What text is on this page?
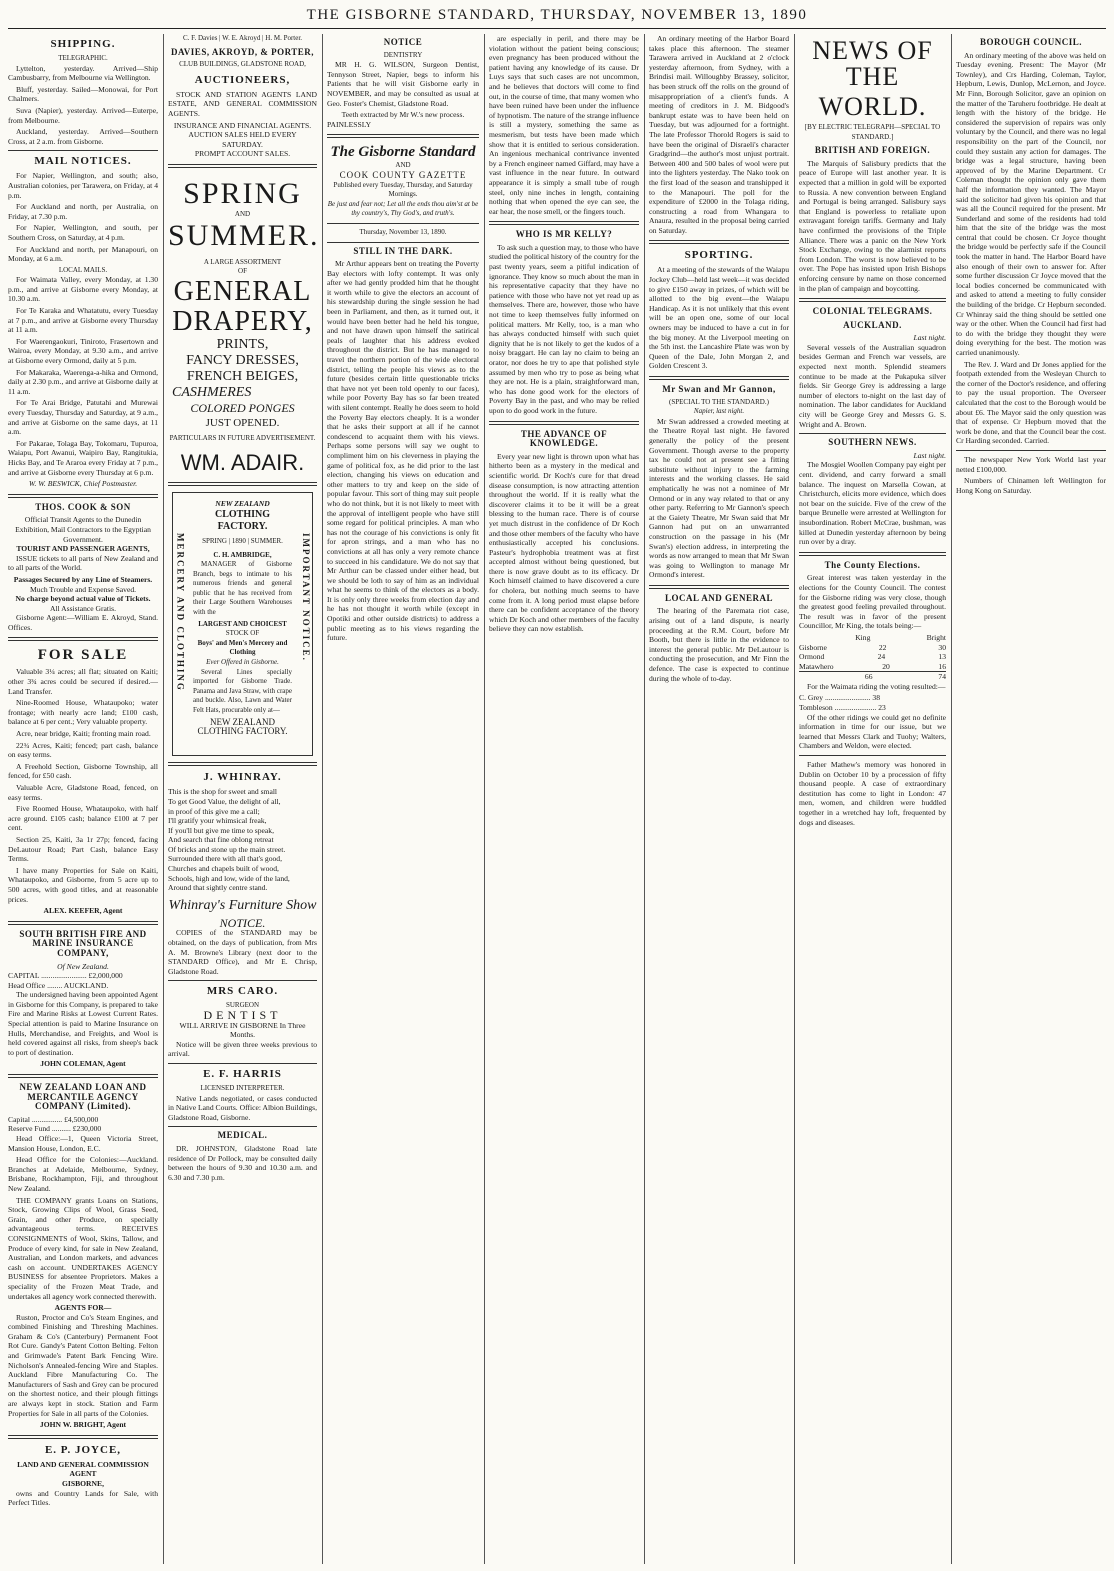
THE GISBORNE STANDARD, THURSDAY, NOVEMBER 13, 1890
SHIPPING.
TELEGRAPHIC.
Lyttelton, yesterday. Arrived—Ship Cambusbarry, from Melbourne via Wellington.
Bluff, yesterday. Sailed—Monowai, for Port Chalmers.
Suva (Napier), yesterday. Arrived—Euterpe, from Melbourne.
Auckland, yesterday. Arrived—Southern Cross, at 2 a.m. from Gisborne.
MAIL NOTICES.
For Napier, Wellington, and south; also, Australian colonies, per Tarawera, on Friday, at 4 p.m.
For Auckland and north, per Australia, on Friday, at 7.30 p.m.
For Napier, Wellington, and south, per Southern Cross, on Saturday, at 4 p.m.
For Auckland and north, per Manapouri, on Monday, at 6 a.m.
LOCAL MAILS.
For Waimata Valley, every Monday, at 1.30 p.m., and arrive at Gisborne every Monday, at 10.30 a.m.
For Te Karaka and Whatatutu, every Tuesday at 7 p.m., and arrive at Gisborne every Thursday at 11 a.m.
For Waerengaokuri, Tiniroto, Frasertown and Wairoa, every Monday, at 9.30 a.m., and arrive at Gisborne every Ormond, daily at 5 p.m.
For Makaraka, Waerenga-a-hika and Ormond, daily at 2.30 p.m., and arrive at Gisborne daily at 11 a.m.
For Te Arai Bridge, Patutahi and Murewai every Tuesday, Thursday and Saturday, at 9 a.m., and arrive at Gisborne on the same days, at 11 a.m.
For Pakarae, Tolaga Bay, Tokomaru, Tupuroa, Waiapu, Port Awanui, Waipiro Bay, Rangitukia, Hicks Bay, and Te Araroa every Friday at 7 p.m., and arrive at Gisborne every Thursday at 6 p.m.
W. W. BESWICK, Chief Postmaster.
THOS. COOK & SON
Official Transit Agents to the Dunedin Exhibition, Mail Contractors to the Egyptian Government.
TOURIST AND PASSENGER AGENTS,
ISSUE tickets to all parts of New Zealand and to all parts of the World.
Passages Secured by any Line of Steamers.
Much Trouble and Expense Saved.
No charge beyond actual value of Tickets.
All Assistance Gratis.
Gisborne Agent:—William E. Akroyd, Stand. Offices.
FOR SALE
Valuable 3¼ acres; all flat; situated on Kaiti; other 3¾ acres could be secured if desired.—Land Transfer.
Nine-Roomed House, Whataupoko; water frontage; with nearly acre land; £100 cash, balance at 6 per cent.; Very valuable property.
Acre, near bridge, Kaiti; fronting main road.
22¾ Acres, Kaiti; fenced; part cash, balance on easy terms.
A Freehold Section, Gisborne Township, all fenced, for £50 cash.
Valuable Acre, Gladstone Road, fenced, on easy terms.
Five Roomed House, Whataupoko, with half acre ground. £105 cash; balance £100 at 7 per cent.
Section 25, Kaiti, 3a 1r 27p; fenced, facing DeLautour Road; Part Cash, balance Easy Terms.
I have many Properties for Sale on Kaiti, Whataupoko, and Gisborne, from 5 acre up to 500 acres, with good titles, and at reasonable prices.
ALEX. KEEFER, Agent
SOUTH BRITISH FIRE AND MARINE INSURANCE COMPANY,
Of New Zealand.
CAPITAL ........................ £2,000,000
Head Office ........ AUCKLAND.
The undersigned having been appointed Agent in Gisborne for this Company, is prepared to take Fire and Marine Risks at Lowest Current Rates. Special attention is paid to Marine Insurance on Hulls, Merchandise, and Freights, and Wool is held covered against all risks, from sheep's back to port of destination.
JOHN COLEMAN, Agent
NEW ZEALAND LOAN AND MERCANTILE AGENCY COMPANY (Limited).
Capital ................ £4,500,000
Reserve Fund .......... £230,000
Head Office:—1, Queen Victoria Street, Mansion House, London, E.C.
Head Office for the Colonies:—Auckland. Branches at Adelaide, Melbourne, Sydney, Brisbane, Rockhampton, Fiji, and throughout New Zealand.
THE COMPANY grants Loans on Stations, Stock, Growing Clips of Wool, Grass Seed, Grain, and other Produce, on specially advantageous terms. RECEIVES CONSIGNMENTS of Wool, Skins, Tallow, and Produce of every kind, for sale in New Zealand, Australian, and London markets, and advances cash on account. UNDERTAKES AGENCY BUSINESS for absentee Proprietors. Makes a speciality of the Frozen Meat Trade, and undertakes all agency work connected therewith.
AGENTS FOR—
Ruston, Proctor and Co's Steam Engines, and combined Finishing and Threshing Machines. Graham & Co's (Canterbury) Permanent Foot Rot Cure. Gandy's Patent Cotton Belting. Felton and Grimwade's Patent Bark Fencing Wire. Nicholson's Annealed-fencing Wire and Staples. Auckland Fibre Manufacturing Co. The Manufacturers of Sash and Grey can be procured on the shortest notice, and their plough fittings are always kept in stock. Station and Farm Properties for Sale in all parts of the Colonies.
JOHN W. BRIGHT, Agent
E. P. JOYCE,
LAND AND GENERAL COMMISSION AGENT
GISBORNE,
owns and Country Lands for Sale, with Perfect Titles.
C. F. Davies | W. E. Akroyd | H. M. Porter.
DAVIES, AKROYD, & PORTER,
CLUB BUILDINGS, GLADSTONE ROAD,
AUCTIONEERS,
STOCK AND STATION AGENTS LAND ESTATE, AND GENERAL COMMISSION AGENTS.
INSURANCE AND FINANCIAL AGENTS.
AUCTION SALES HELD EVERY SATURDAY.
PROMPT ACCOUNT SALES.
SPRING
AND
SUMMER.
A LARGE ASSORTMENT
OF
GENERAL
DRAPERY,
PRINTS,
FANCY DRESSES,
FRENCH BEIGES,
CASHMERES
COLORED PONGES
JUST OPENED.
PARTICULARS IN FUTURE ADVERTISEMENT.
WM. ADAIR.
MERCERY AND CLOTHING	IMPORTANT NOTICE.
NEW ZEALAND
CLOTHING FACTORY.
SPRING | 1890 | SUMMER.
C. H. AMBRIDGE,
MANAGER of Gisborne Branch, begs to intimate to his numerous friends and general public that he has received from their Large Southern Warehouses with the
LARGEST AND CHOICEST
STOCK OF
Boys' and Men's Mercery and Clothing
Ever Offered in Gisborne.
Several Lines specially imported for Gisborne Trade. Panama and Java Straw, with crape and buckle. Also, Lawn and Water Felt Hats, procurable only at—
NEW ZEALAND
CLOTHING FACTORY.
J. WHINRAY.
This is the shop for sweet and small
To get Good Value, the delight of all,
in proof of this give me a call;
I'll gratify your whimsical freak,
If you'll but give me time to speak,
And search that fine oblong retreat
Of bricks and stone up the main street.
Surrounded there with all that's good,
Churches and chapels built of wood,
Schools, high and low, wide of the land,
Around that sightly centre stand.
Whinray's Furniture Show
NOTICE.
COPIES of the STANDARD may be obtained, on the days of publication, from Mrs A. M. Browne's Library (next door to the STANDARD Office), and Mr E. Chrisp, Gladstone Road.
MRS CARO.
SURGEON
DENTIST
WILL ARRIVE IN GISBORNE In Three Months.
Notice will be given three weeks previous to arrival.
E. F. HARRIS
LICENSED INTERPRETER.
Native Lands negotiated, or cases conducted in Native Land Courts. Office: Albion Buildings, Gladstone Road, Gisborne.
MEDICAL.
DR. JOHNSTON, Gladstone Road late residence of Dr Pollock, may be consulted daily between the hours of 9.30 and 10.30 a.m. and 6.30 and 7.30 p.m.
NOTICE
DENTISTRY
MR H. G. WILSON, Surgeon Dentist, Tennyson Street, Napier, begs to inform his Patients that he will visit Gisborne early in NOVEMBER, and may be consulted as usual at Geo. Foster's Chemist, Gladstone Road.
Teeth extracted by Mr W.'s new process.
PAINLESSLY
The Gisborne Standard
AND
COOK COUNTY GAZETTE
Published every Tuesday, Thursday, and Saturday Mornings.
Be just and fear not; Let all the ends thou aim'st at be thy country's, Thy God's, and truth's.
Thursday, November 13, 1890.
STILL IN THE DARK.
Mr Arthur appears bent on treating the Poverty Bay electors with lofty contempt. It was only after we had gently prodded him that he thought it worth while to give the electors an account of his stewardship during the single session he had been in Parliament, and then, as it turned out, it would have been better had he held his tongue, and not have drawn upon himself the satirical peals of laughter that his address evoked throughout the district. But he has managed to travel the northern portion of the wide electoral district, telling the people his views as to the future (besides certain little questionable tricks that have not yet been told openly to our faces), while poor Poverty Bay has so far been treated with silent contempt. Really he does seem to hold the Poverty Bay electors cheaply. It is a wonder that he asks their support at all if he cannot condescend to acquaint them with his views. Perhaps some persons will say we ought to compliment him on his cleverness in playing the game of political fox, as he did prior to the last election, changing his views on education and other matters to try and keep on the side of popular favour. This sort of thing may suit people who do not think, but it is not likely to meet with the approval of intelligent people who have still some regard for political principles. A man who has not the courage of his convictions is only fit for apron strings, and a man who has no convictions at all has only a very remote chance to succeed in his candidature. We do not say that Mr Arthur can be classed under either head, but we should be loth to say of him as an individual what he seems to think of the electors as a body. It is only only three weeks from election day and he has not thought it worth while (except in Opotiki and other outside districts) to address a public meeting as to his views regarding the future.
are especially in peril, and there may be violation without the patient being conscious; even pregnancy has been produced without the patient having any knowledge of its cause. Dr Luys says that such cases are not uncommon, and he believes that doctors will come to find out, in the course of time, that many women who have been ruined have been under the influence of hypnotism. The nature of the strange influence is still a mystery, something the same as mesmerism, but tests have been made which show that it is entitled to serious consideration. An ingenious mechanical contrivance invented by a French engineer named Giffard, may have a vast influence in the near future. In outward appearance it is simply a small tube of rough steel, only nine inches in length, containing nothing that when opened the eye can see, the ear hear, the nose smell, or the fingers touch.
WHO IS MR KELLY?
To ask such a question may, to those who have studied the political history of the country for the past twenty years, seem a pitiful indication of ignorance. They know so much about the man in his representative capacity that they have no patience with those who have not yet read up as themselves. There are, however, those who have not time to keep themselves fully informed on political matters. Mr Kelly, too, is a man who has always conducted himself with such quiet dignity that he is not likely to get the kudos of a noisy braggart. He can lay no claim to being an orator, nor does he try to ape that polished style assumed by men who try to pose as being what they are not. He is a plain, straightforward man, who has done good work for the electors of Poverty Bay in the past, and who may be relied upon to do good work in the future.
THE ADVANCE OF KNOWLEDGE.
Every year new light is thrown upon what has hitherto been as a mystery in the medical and scientific world. Dr Koch's cure for that dread disease consumption, is now attracting attention throughout the world. If it is really what the discoverer claims it to be it will be a great blessing to the human race. There is of course yet much distrust in the confidence of Dr Koch and those other members of the faculty who have enthusiastically accepted his conclusions. Pasteur's hydrophobia treatment was at first accepted almost without being questioned, but there is now grave doubt as to its efficacy. Dr Koch himself claimed to have discovered a cure for cholera, but nothing much seems to have come from it. A long period must elapse before there can be confident acceptance of the theory which Dr Koch and other members of the faculty believe they can now establish.
An ordinary meeting of the Harbor Board takes place this afternoon. The steamer Tarawera arrived in Auckland at 2 o'clock yesterday afternoon, from Sydney, with a Brindisi mail. Willoughby Brassey, solicitor, has been struck off the rolls on the ground of misappropriation of a client's funds. A meeting of creditors in J. M. Bidgood's bankrupt estate was to have been held on Tuesday, but was adjourned for a fortnight. The late Professor Thorold Rogers is said to have been the original of Disraeli's character Gradgrind—the author's most unjust portrait. Between 400 and 500 bales of wool were put into the lighters yesterday. The Nako took on the first load of the season and transhipped it to the Manapouri. The poll for the expenditure of £2000 in the Tolaga riding, constructing a road from Whangara to Anaura, resulted in the proposal being carried on Saturday.
SPORTING.
At a meeting of the stewards of the Waiapu Jockey Club—held last week—it was decided to give £150 away in prizes, of which will be allotted to the big event—the Waiapu Handicap. As it is not unlikely that this event will be an open one, some of our local owners may be induced to have a cut in for the big money. At the Liverpool meeting on the 5th inst. the Lancashire Plate was won by Queen of the Dale, John Morgan 2, and Golden Crescent 3.
Mr Swan and Mr Gannon,
(SPECIAL TO THE STANDARD.)
Napier, last night.
Mr Swan addressed a crowded meeting at the Theatre Royal last night. He favored generally the policy of the present Government. Though averse to the property tax he could not at present see a fitting substitute without injury to the farming interests and the working classes. He said emphatically he was not a nominee of Mr Ormond or in any way related to that or any other party. Referring to Mr Gannon's speech at the Gaiety Theatre, Mr Swan said that Mr Gannon had put on an unwarranted construction on the passage in his (Mr Swan's) election address, in interpreting the words as now arranged to mean that Mr Swan was going to Wellington to manage Mr Ormond's interest.
LOCAL AND GENERAL
The hearing of the Paremata riot case, arising out of a land dispute, is nearly proceeding at the R.M. Court, before Mr Booth, but there is little in the evidence to interest the general public. Mr DeLautour is conducting the prosecution, and Mr Finn the defence. The case is expected to continue during the whole of to-day.
NEWS OF THE
WORLD.
[BY ELECTRIC TELEGRAPH—SPECIAL TO STANDARD.]
BRITISH AND FOREIGN.
The Marquis of Salisbury predicts that the peace of Europe will last another year. It is expected that a million in gold will be exported to Russia. A new convention between England and Portugal is being arranged. Salisbury says that England is powerless to retaliate upon extravagant foreign tariffs. Germany and Italy have confirmed the provisions of the Triple Alliance. There was a panic on the New York Stock Exchange, owing to the alarmist reports from London. The worst is now believed to be over. The Pope has insisted upon Irish Bishops enforcing censure by name on those concerned in the plan of campaign and boycotting.
COLONIAL TELEGRAMS.
AUCKLAND.
Last night.
Several vessels of the Australian squadron besides German and French war vessels, are expected next month. Splendid steamers continue to be made at the Pukapuka silver fields. Sir George Grey is addressing a large number of electors to-night on the last day of nomination. The labor candidates for Auckland city will be George Grey and Messrs G. S. Wright and A. Brown.
SOUTHERN NEWS.
Last night.
The Mosgiel Woollen Company pay eight per cent. dividend, and carry forward a small balance. The inquest on Marsella Cowan, at Christchurch, elicits more evidence, which does not bear on the suicide. Five of the crew of the barque Brunelle were arrested at Wellington for insubordination. Robert McCrae, bushman, was killed at Dunedin yesterday afternoon by being run over by a dray.
The County Elections.
Great interest was taken yesterday in the elections for the County Council. The contest for the Gisborne riding was very close, though the greatest good feeling prevailed throughout. The result was in favor of the present Councillor, Mr King, the totals being:—
King	Bright
Gisborne	22	30
Ormond	24	13
Matawhero	20	16
66	74
For the Waimata riding the voting resulted:—
C. Grey ........................ 38
Tombleson ...................... 23
Of the other ridings we could get no definite information in time for our issue, but we learned that Messrs Clark and Tuohy; Walters, Chambers and Weldon, were elected.
Father Mathew's memory was honored in Dublin on October 10 by a procession of fifty thousand people. A case of extraordinary destitution has come to light in London: 47 men, women, and children were huddled together in a wretched hay loft, frequented by dogs and diseases.
BOROUGH COUNCIL.
An ordinary meeting of the above was held on Tuesday evening. Present: The Mayor (Mr Townley), and Crs Harding, Coleman, Taylor, Hepburn, Lewis, Dunlop, McLernon, and Joyce. Mr Finn, Borough Solicitor, gave an opinion on the matter of the Taruheru footbridge. He dealt at length with the history of the bridge. He considered the supervision of repairs was only voluntary by the Council, and there was no legal responsibility on the part of the Council, nor could they sustain any action for damages. The bridge was a legal structure, having been approved of by the Marine Department. Cr Coleman thought the opinion only gave them half the information they wanted. The Mayor said the solicitor had given his opinion and that was all the Council required for the present. Mr Sunderland and some of the residents had told him that the site of the bridge was the most central that could be chosen. Cr Joyce thought the bridge would be perfectly safe if the Council took the matter in hand. The Harbor Board have also enough of their own to answer for. After some further discussion Cr Joyce moved that the local bodies concerned be communicated with and asked to attend a meeting to fully consider the building of the bridge. Cr Hepburn seconded. Cr Whinray said the thing should be settled one way or the other. When the Council had first had to do with the bridge they thought they were doing everything for the best. The motion was carried unanimously.
The Rev. J. Ward and Dr Jones applied for the footpath extended from the Wesleyan Church to the corner of the Doctor's residence, and offering to pay the usual proportion. The Overseer calculated that the cost to the Borough would be about £6. The Mayor said the only question was that of expense. Cr Hepburn moved that the work be done, and that the Council bear the cost. Cr Harding seconded. Carried.
The newspaper New York World last year netted £100,000.
Numbers of Chinamen left Wellington for Hong Kong on Saturday.
